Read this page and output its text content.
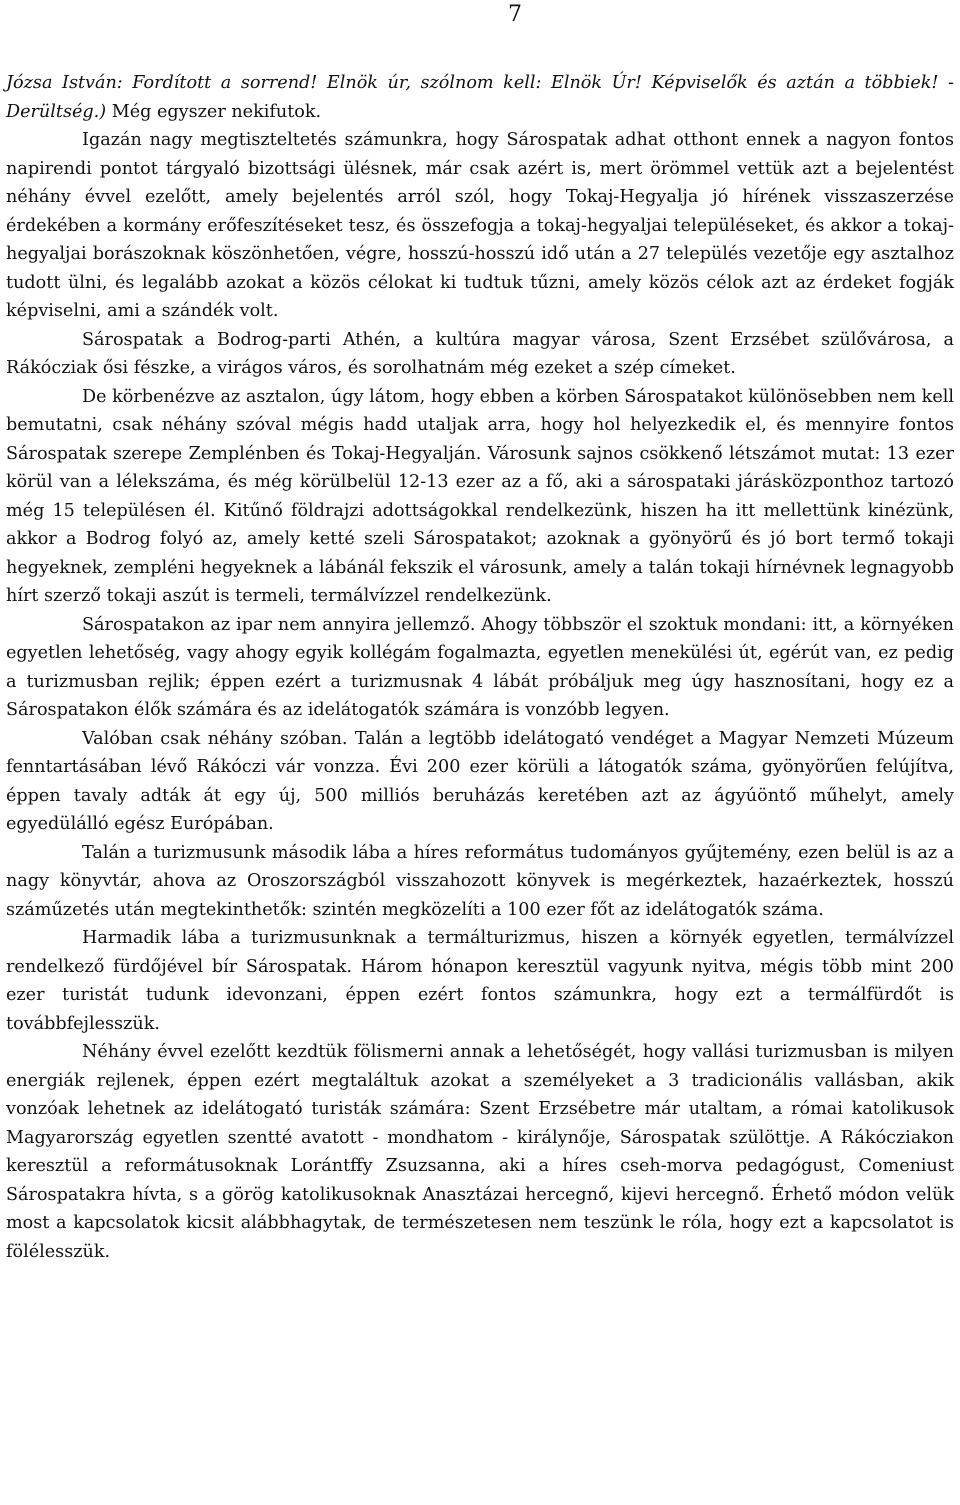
7

Józsa István: Fordított a sorrend! Elnök úr, szólnom kell: Elnök Úr! Képviselők és aztán a többiek! - Derültség.) Még egyszer nekifutok.

Igazán nagy megtiszteltetés számunkra, hogy Sárospatak adhat otthont ennek a nagyon fontos napirendi pontot tárgyaló bizottsági ülésnek, már csak azért is, mert örömmel vettük azt a bejelentést néhány évvel ezelőtt, amely bejelentés arról szól, hogy Tokaj-Hegyalja jó hírének visszaszerzése érdekében a kormány erőfeszítéseket tesz, és összefogja a tokaj-hegyaljai településeket, és akkor a tokaj-hegyaljai borászoknak köszönhetően, végre, hosszú-hosszú idő után a 27 település vezetője egy asztalhoz tudott ülni, és legalább azokat a közös célokat ki tudtuk tűzni, amely közös célok azt az érdeket fogják képviselni, ami a szándék volt.

Sárospatak a Bodrog-parti Athén, a kultúra magyar városa, Szent Erzsébet szülővárosa, a Rákócziak ősi fészke, a virágos város, és sorolhatnám még ezeket a szép címeket.

De körbenézve az asztalon, úgy látom, hogy ebben a körben Sárospatakot különösebben nem kell bemutatni, csak néhány szóval mégis hadd utaljak arra, hogy hol helyezkedik el, és mennyire fontos Sárospatak szerepe Zemplénben és Tokaj-Hegyalján. Városunk sajnos csökkenő létszámot mutat: 13 ezer körül van a lélekszáma, és még körülbelül 12-13 ezer az a fő, aki a sárospataki járásközponthoz tartozó még 15 településen él. Kitűnő földrajzi adottságokkal rendelkezünk, hiszen ha itt mellettünk kinézünk, akkor a Bodrog folyó az, amely ketté szeli Sárospatakot; azoknak a gyönyörű és jó bort termő tokaji hegyeknek, zempléni hegyeknek a lábánál fekszik el városunk, amely a talán tokaji hírnévnek legnagyobb hírt szerző tokaji aszút is termeli, termálvízzel rendelkezünk.

Sárospatakon az ipar nem annyira jellemző. Ahogy többször el szoktuk mondani: itt, a környéken egyetlen lehetőség, vagy ahogy egyik kollégám fogalmazta, egyetlen menekülési út, egérút van, ez pedig a turizmusban rejlik; éppen ezért a turizmusnak 4 lábát próbáljuk meg úgy hasznosítani, hogy ez a Sárospatakon élők számára és az idelátogatók számára is vonzóbb legyen.

Valóban csak néhány szóban. Talán a legtöbb idelátogató vendéget a Magyar Nemzeti Múzeum fenntartásában lévő Rákóczi vár vonzza. Évi 200 ezer körüli a látogatók száma, gyönyörűen felújítva, éppen tavaly adták át egy új, 500 milliós beruházás keretében azt az ágyúöntő műhelyt, amely egyedülálló egész Európában.

Talán a turizmusunk második lába a híres református tudományos gyűjtemény, ezen belül is az a nagy könyvtár, ahova az Oroszországból visszahozott könyvek is megérkeztek, hazaérkeztek, hosszú száműzetés után megtekinthetők: szintén megközelíti a 100 ezer főt az idelátogatók száma.

Harmadik lába a turizmusunknak a termálturizmus, hiszen a környék egyetlen, termálvízzel rendelkező fürdőjével bír Sárospatak. Három hónapon keresztül vagyunk nyitva, mégis több mint 200 ezer turistát tudunk idevonzani, éppen ezért fontos számunkra, hogy ezt a termálfürdőt is továbbfejlesszük.

Néhány évvel ezelőtt kezdtük fölismerni annak a lehetőségét, hogy vallási turizmusban is milyen energiák rejlenek, éppen ezért megtaláltuk azokat a személyeket a 3 tradicionális vallásban, akik vonzóak lehetnek az idelátogató turisták számára: Szent Erzsébetre már utaltam, a római katolikusok Magyarország egyetlen szentté avatott - mondhatom - királynője, Sárospatak szülöttje. A Rákócziakon keresztül a reformátusoknak Lorántffy Zsuzsanna, aki a híres cseh-morva pedagógust, Comeniust Sárospatakra hívta, s a görög katolikusoknak Anasztázai hercegnő, kijevi hercegnő. Érhető módon velük most a kapcsolatok kicsit alábbhagytak, de természetesen nem teszünk le róla, hogy ezt a kapcsolatot is fölélesszük.
